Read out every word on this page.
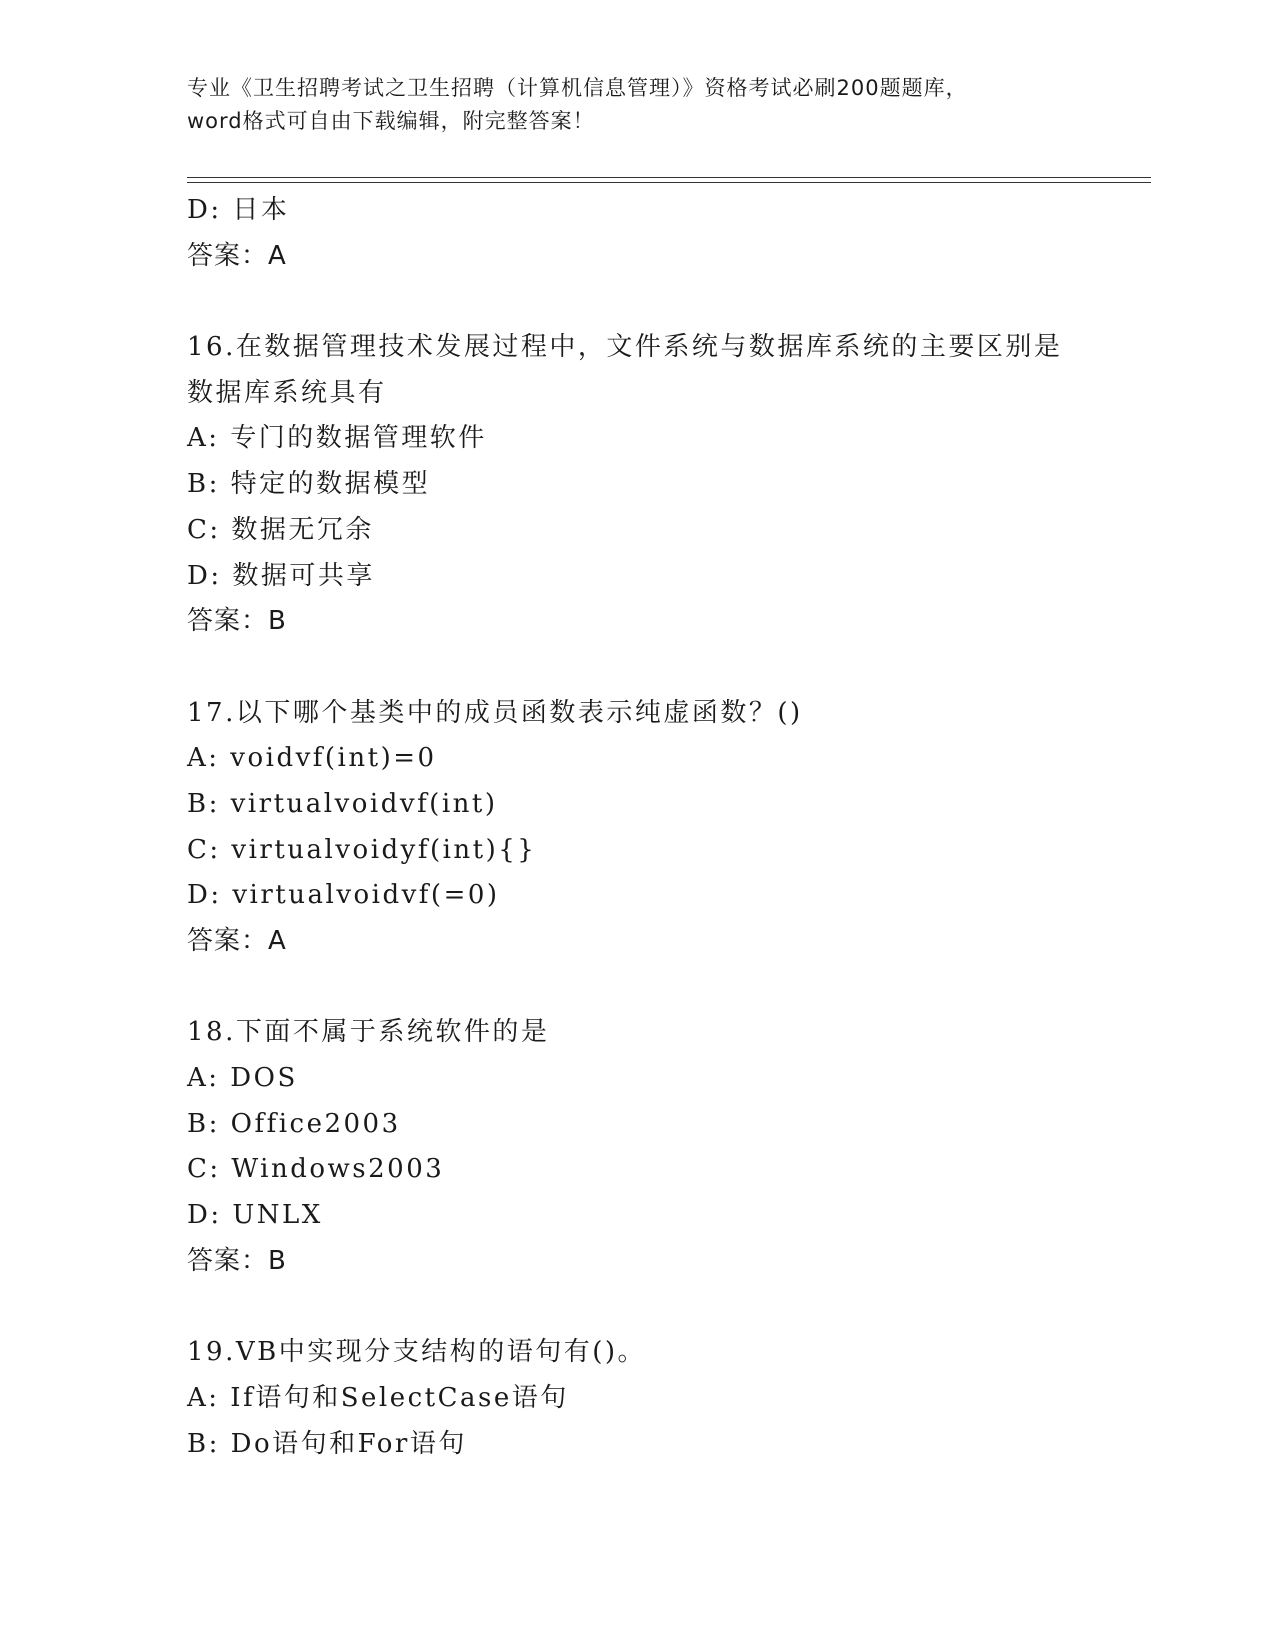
专业《卫生招聘考试之卫生招聘（计算机信息管理）》资格考试必刷200题题库，
word格式可自由下载编辑，附完整答案！
D: 日本
答案：A
16.在数据管理技术发展过程中，文件系统与数据库系统的主要区别是
数据库系统具有
A: 专门的数据管理软件
B: 特定的数据模型
C: 数据无冗余
D: 数据可共享
答案：B
17.以下哪个基类中的成员函数表示纯虚函数？()
A: voidvf(int)=0
B: virtualvoidvf(int)
C: virtualvoidyf(int){}
D: virtualvoidvf(=0)
答案：A
18.下面不属于系统软件的是
A: DOS
B: Office2003
C: Windows2003
D: UNLX
答案：B
19.VB中实现分支结构的语句有()。
A: If语句和SelectCase语句
B: Do语句和For语句
